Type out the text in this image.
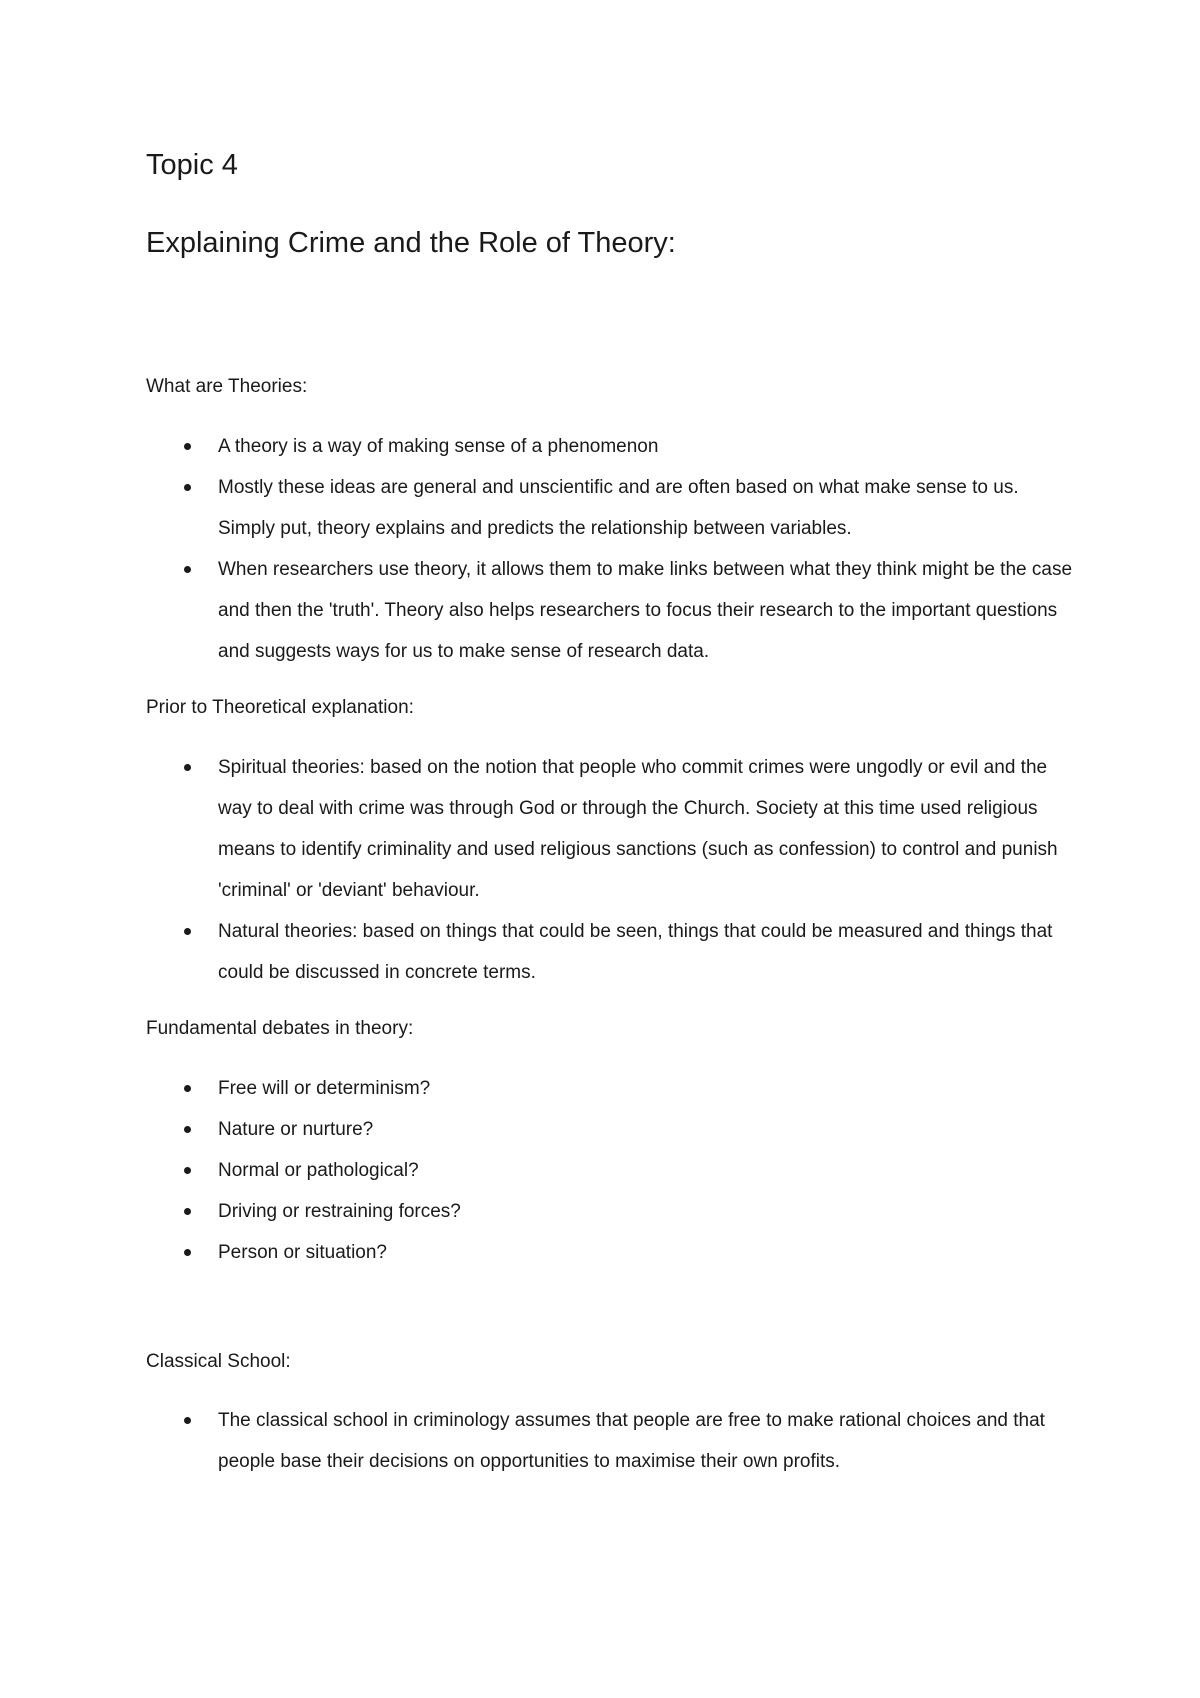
Topic 4
Explaining Crime and the Role of Theory:

What are Theories:

A theory is a way of making sense of a phenomenon
Mostly these ideas are general and unscientific and are often based on what make sense to us. Simply put, theory explains and predicts the relationship between variables.
When researchers use theory, it allows them to make links between what they think might be the case and then the 'truth'. Theory also helps researchers to focus their research to the important questions and suggests ways for us to make sense of research data.

Prior to Theoretical explanation:

Spiritual theories: based on the notion that people who commit crimes were ungodly or evil and the way to deal with crime was through God or through the Church. Society at this time used religious means to identify criminality and used religious sanctions (such as confession) to control and punish 'criminal' or 'deviant' behaviour.
Natural theories: based on things that could be seen, things that could be measured and things that could be discussed in concrete terms.

Fundamental debates in theory:

Free will or determinism?
Nature or nurture?
Normal or pathological?
Driving or restraining forces?
Person or situation?

Classical School:

The classical school in criminology assumes that people are free to make rational choices and that people base their decisions on opportunities to maximise their own profits.
